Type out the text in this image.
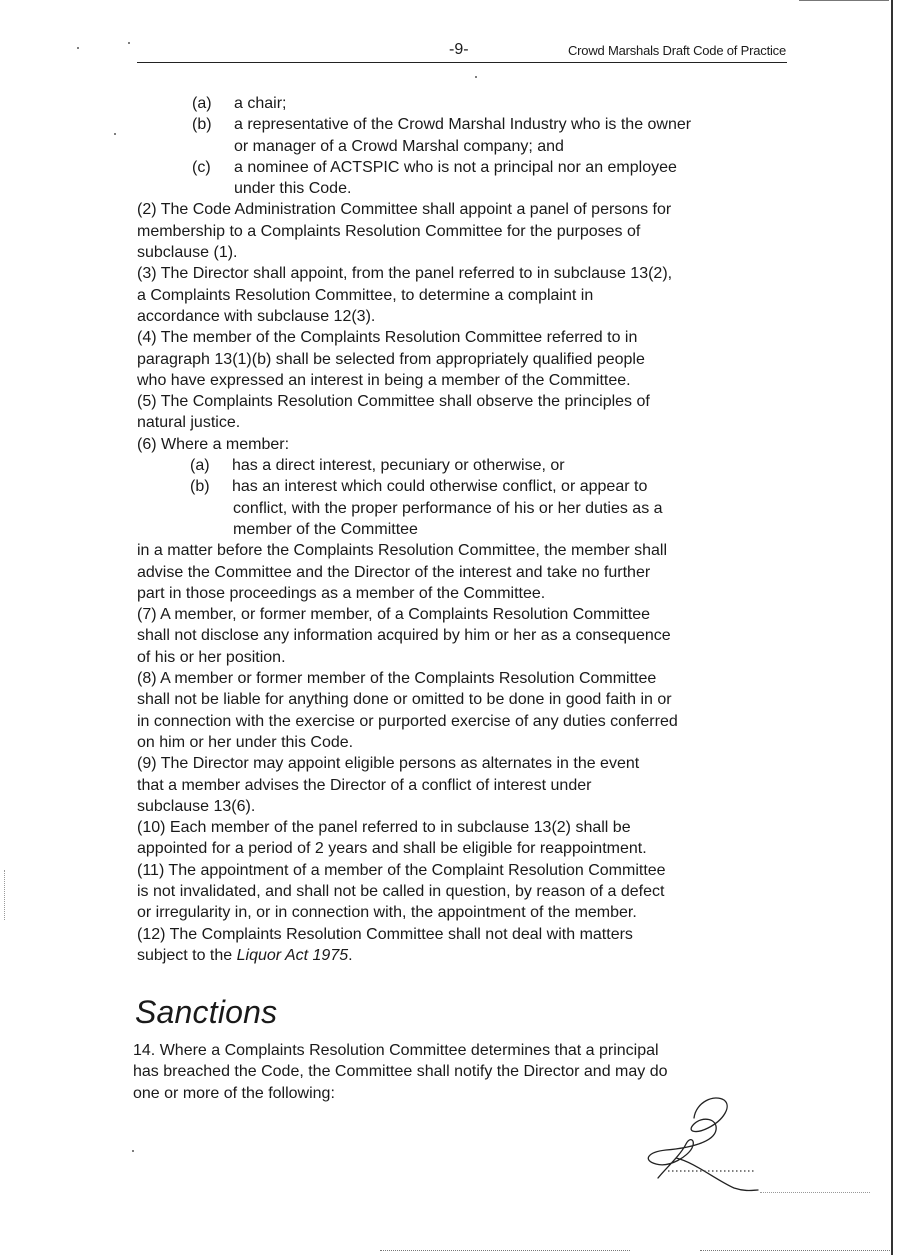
-9-	Crowd Marshals Draft Code of Practice
(a) a chair;
(b) a representative of the Crowd Marshal Industry who is the owner
or manager of a Crowd Marshal company; and
(c) a nominee of ACTSPIC who is not a principal nor an employee
under this Code.
(2) The Code Administration Committee shall appoint a panel of persons for
membership to a Complaints Resolution Committee for the purposes of
subclause (1).
(3) The Director shall appoint, from the panel referred to in subclause 13(2),
a Complaints Resolution Committee, to determine a complaint in
accordance with subclause 12(3).
(4) The member of the Complaints Resolution Committee referred to in
paragraph 13(1)(b) shall be selected from appropriately qualified people
who have expressed an interest in being a member of the Committee.
(5) The Complaints Resolution Committee shall observe the principles of
natural justice.
(6) Where a member:
(a) has a direct interest, pecuniary or otherwise, or
(b) has an interest which could otherwise conflict, or appear to
conflict, with the proper performance of his or her duties as a
member of the Committee
in a matter before the Complaints Resolution Committee, the member shall
advise the Committee and the Director of the interest and take no further
part in those proceedings as a member of the Committee.
(7) A member, or former member, of a Complaints Resolution Committee
shall not disclose any information acquired by him or her as a consequence
of his or her position.
(8) A member or former member of the Complaints Resolution Committee
shall not be liable for anything done or omitted to be done in good faith in or
in connection with the exercise or purported exercise of any duties conferred
on him or her under this Code.
(9) The Director may appoint eligible persons as alternates in the event
that a member advises the Director of a conflict of interest under
subclause 13(6).
(10) Each member of the panel referred to in subclause 13(2) shall be
appointed for a period of 2 years and shall be eligible for reappointment.
(11) The appointment of a member of the Complaint Resolution Committee
is not invalidated, and shall not be called in question, by reason of a defect
or irregularity in, or in connection with, the appointment of the member.
(12) The Complaints Resolution Committee shall not deal with matters
subject to the Liquor Act 1975.
Sanctions
14. Where a Complaints Resolution Committee determines that a principal
has breached the Code, the Committee shall notify the Director and may do
one or more of the following:
